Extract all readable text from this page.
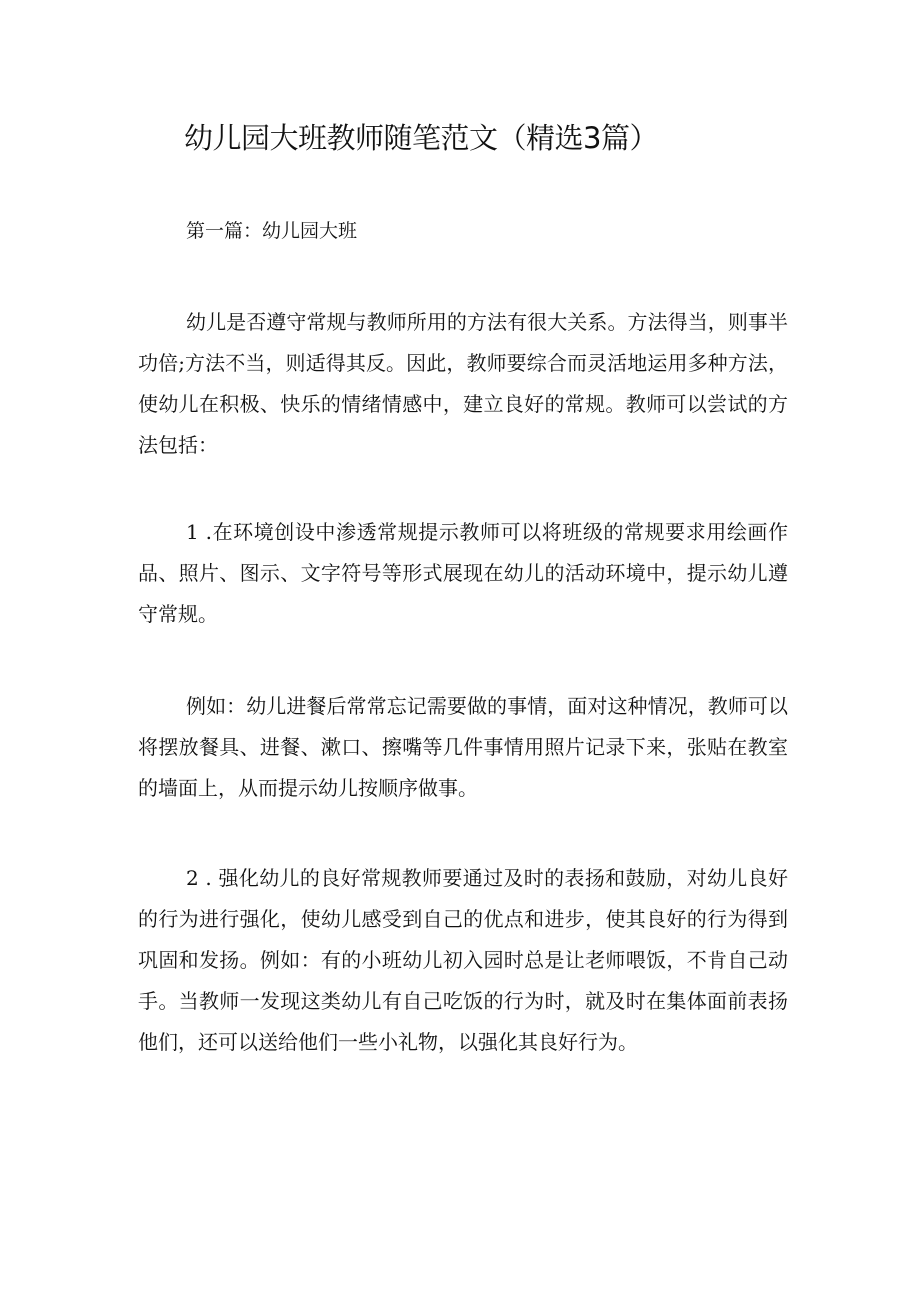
幼儿园大班教师随笔范文（精选3篇）
第一篇：幼儿园大班

幼儿是否遵守常规与教师所用的方法有很大关系。方法得当，则事半功倍;方法不当，则适得其反。因此，教师要综合而灵活地运用多种方法，使幼儿在积极、快乐的情绪情感中，建立良好的常规。教师可以尝试的方法包括：

1 .在环境创设中渗透常规提示教师可以将班级的常规要求用绘画作品、照片、图示、文字符号等形式展现在幼儿的活动环境中，提示幼儿遵守常规。

例如：幼儿进餐后常常忘记需要做的事情，面对这种情况，教师可以将摆放餐具、进餐、漱口、擦嘴等几件事情用照片记录下来，张贴在教室的墙面上，从而提示幼儿按顺序做事。

2 . 强化幼儿的良好常规教师要通过及时的表扬和鼓励，对幼儿良好的行为进行强化，使幼儿感受到自己的优点和进步，使其良好的行为得到巩固和发扬。例如：有的小班幼儿初入园时总是让老师喂饭，不肯自己动手。当教师一发现这类幼儿有自己吃饭的行为时，就及时在集体面前表扬他们，还可以送给他们一些小礼物，以强化其良好行为。
